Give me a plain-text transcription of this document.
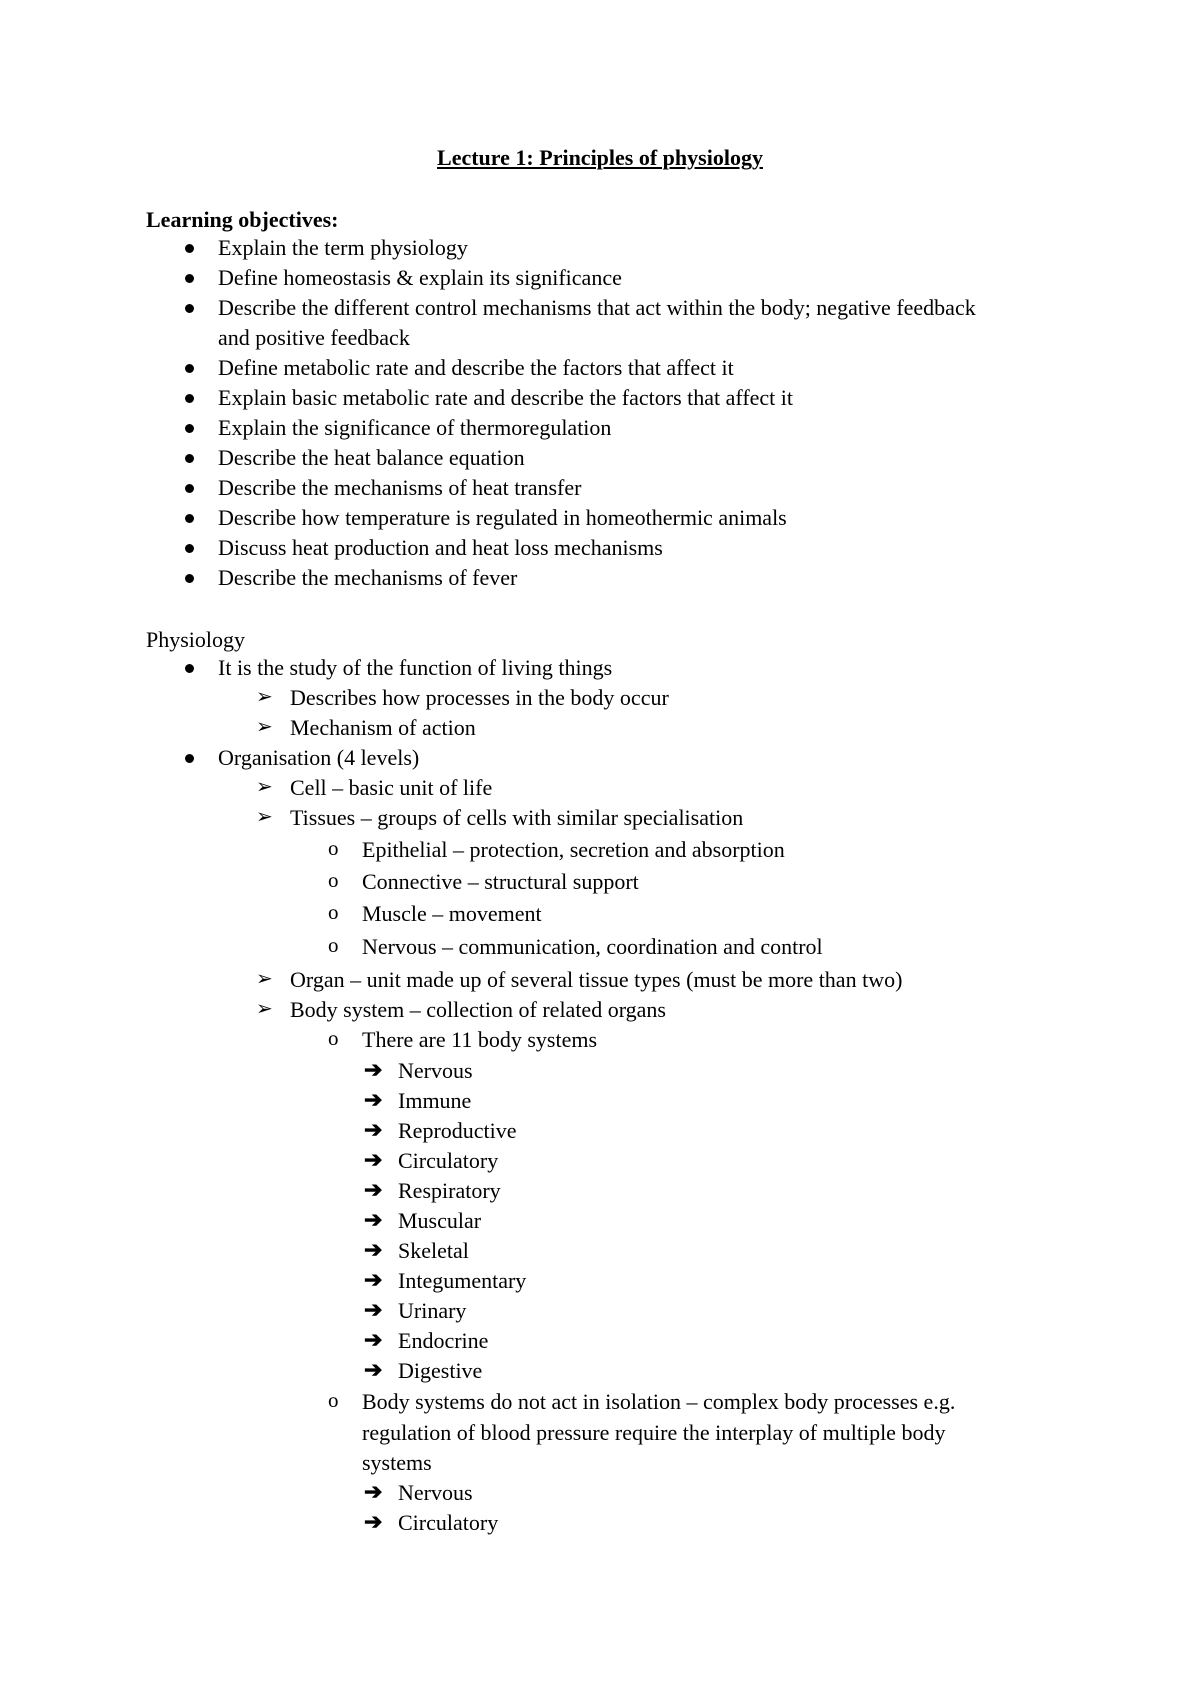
Lecture 1: Principles of physiology
Learning objectives:
Explain the term physiology
Define homeostasis & explain its significance
Describe the different control mechanisms that act within the body; negative feedback
and positive feedback
Define metabolic rate and describe the factors that affect it
Explain basic metabolic rate and describe the factors that affect it
Explain the significance of thermoregulation
Describe the heat balance equation
Describe the mechanisms of heat transfer
Describe how temperature is regulated in homeothermic animals
Discuss heat production and heat loss mechanisms
Describe the mechanisms of fever
Physiology
It is the study of the function of living things
➢ Describes how processes in the body occur
➢ Mechanism of action
Organisation (4 levels)
➢ Cell – basic unit of life
➢ Tissues – groups of cells with similar specialisation
o Epithelial – protection, secretion and absorption
o Connective – structural support
o Muscle – movement
o Nervous – communication, coordination and control
➢ Organ – unit made up of several tissue types (must be more than two)
➢ Body system – collection of related organs
o There are 11 body systems
➔ Nervous
➔ Immune
➔ Reproductive
➔ Circulatory
➔ Respiratory
➔ Muscular
➔ Skeletal
➔ Integumentary
➔ Urinary
➔ Endocrine
➔ Digestive
o Body systems do not act in isolation – complex body processes e.g.
regulation of blood pressure require the interplay of multiple body
systems
➔ Nervous
➔ Circulatory
